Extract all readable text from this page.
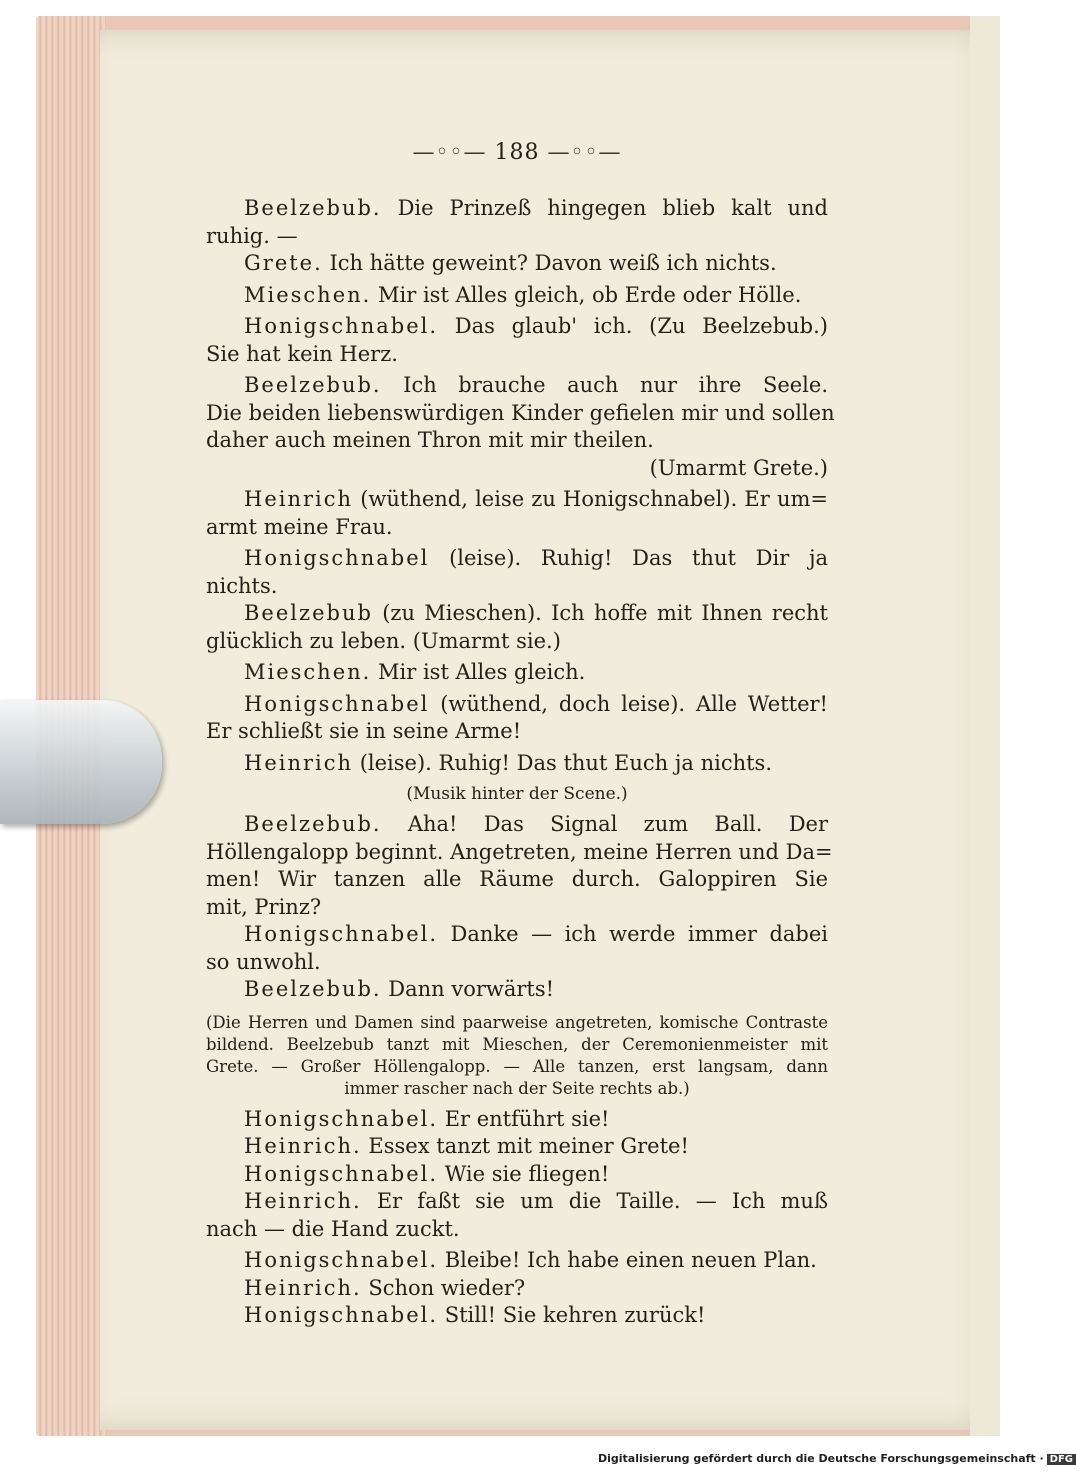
—◦◦— 188 —◦◦—
Beelzebub. Die Prinzeß hingegen blieb kalt und
ruhig. —
Grete. Ich hätte geweint? Davon weiß ich nichts.
Mieschen. Mir ist Alles gleich, ob Erde oder Hölle.
Honigschnabel. Das glaub' ich. (Zu Beelzebub.)
Sie hat kein Herz.
Beelzebub. Ich brauche auch nur ihre Seele.
Die beiden liebenswürdigen Kinder gefielen mir und sollen
daher auch meinen Thron mit mir theilen.
(Umarmt Grete.)
Heinrich (wüthend, leise zu Honigschnabel). Er um=
armt meine Frau.
Honigschnabel (leise). Ruhig! Das thut Dir ja
nichts.
Beelzebub (zu Mieschen). Ich hoffe mit Ihnen recht
glücklich zu leben. (Umarmt sie.)
Mieschen. Mir ist Alles gleich.
Honigschnabel (wüthend, doch leise). Alle Wetter!
Er schließt sie in seine Arme!
Heinrich (leise). Ruhig! Das thut Euch ja nichts.
(Musik hinter der Scene.)
Beelzebub. Aha! Das Signal zum Ball. Der
Höllengalopp beginnt. Angetreten, meine Herren und Da=
men! Wir tanzen alle Räume durch. Galoppiren Sie
mit, Prinz?
Honigschnabel. Danke — ich werde immer dabei
so unwohl.
Beelzebub. Dann vorwärts!
(Die Herren und Damen sind paarweise angetreten, komische Contraste
bildend. Beelzebub tanzt mit Mieschen, der Ceremonienmeister mit
Grete. — Großer Höllengalopp. — Alle tanzen, erst langsam, dann
immer rascher nach der Seite rechts ab.)
Honigschnabel. Er entführt sie!
Heinrich. Essex tanzt mit meiner Grete!
Honigschnabel. Wie sie fliegen!
Heinrich. Er faßt sie um die Taille. — Ich muß
nach — die Hand zuckt.
Honigschnabel. Bleibe! Ich habe einen neuen Plan.
Heinrich. Schon wieder?
Honigschnabel. Still! Sie kehren zurück!
Digitalisierung gefördert durch die Deutsche Forschungsgemeinschaft · DFG
